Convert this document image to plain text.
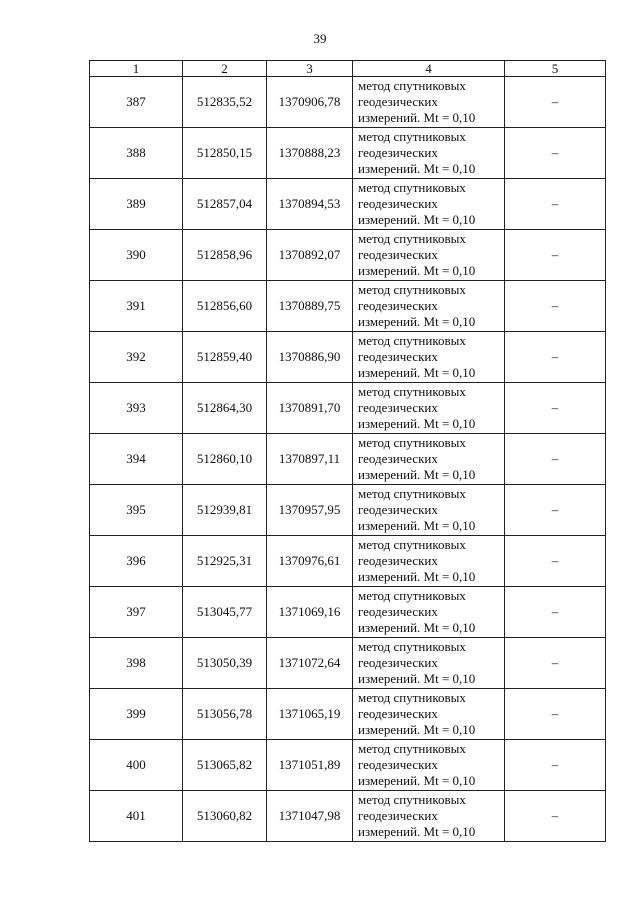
39
1	2	3	4	5
387	512835,52	1370906,78	метод спутниковых
геодезических
измерений. Mt = 0,10	–
388	512850,15	1370888,23	метод спутниковых
геодезических
измерений. Mt = 0,10	–
389	512857,04	1370894,53	метод спутниковых
геодезических
измерений. Mt = 0,10	–
390	512858,96	1370892,07	метод спутниковых
геодезических
измерений. Mt = 0,10	–
391	512856,60	1370889,75	метод спутниковых
геодезических
измерений. Mt = 0,10	–
392	512859,40	1370886,90	метод спутниковых
геодезических
измерений. Mt = 0,10	–
393	512864,30	1370891,70	метод спутниковых
геодезических
измерений. Mt = 0,10	–
394	512860,10	1370897,11	метод спутниковых
геодезических
измерений. Mt = 0,10	–
395	512939,81	1370957,95	метод спутниковых
геодезических
измерений. Mt = 0,10	–
396	512925,31	1370976,61	метод спутниковых
геодезических
измерений. Mt = 0,10	–
397	513045,77	1371069,16	метод спутниковых
геодезических
измерений. Mt = 0,10	–
398	513050,39	1371072,64	метод спутниковых
геодезических
измерений. Mt = 0,10	–
399	513056,78	1371065,19	метод спутниковых
геодезических
измерений. Mt = 0,10	–
400	513065,82	1371051,89	метод спутниковых
геодезических
измерений. Mt = 0,10	–
401	513060,82	1371047,98	метод спутниковых
геодезических
измерений. Mt = 0,10	–
